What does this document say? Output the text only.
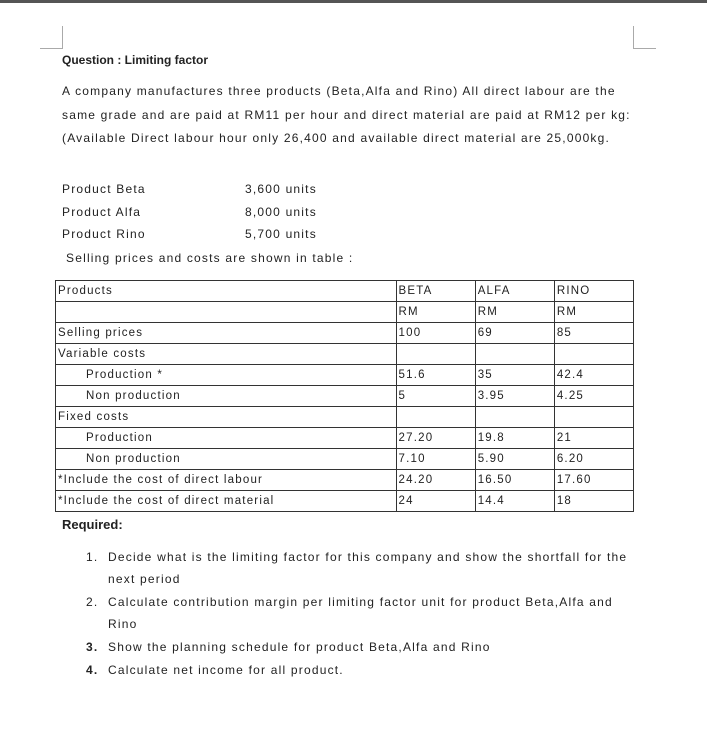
Question : Limiting factor
A company manufactures three products (Beta,Alfa and Rino) All direct labour are the same grade and are paid at RM11 per hour and direct material are paid at RM12 per kg: (Available Direct labour hour only 26,400 and available direct material are 25,000kg.
Product Beta	3,600 units
Product Alfa	8,000 units
Product Rino	5,700 units
Selling prices and costs are shown in table :
Products	BETA	ALFA	RINO
	RM	RM	RM
Selling prices	100	69	85
Variable costs			
Production *	51.6	35	42.4
Non production	5	3.95	4.25
Fixed costs			
Production	27.20	19.8	21
Non production	7.10	5.90	6.20
*Include the cost of direct labour	24.20	16.50	17.60
*Include the cost of direct material	24	14.4	18
Required:
1. Decide what is the limiting factor for this company and show the shortfall for the next period
2. Calculate contribution margin per limiting factor unit for product Beta,Alfa and Rino
3. Show the planning schedule for product Beta,Alfa and Rino
4. Calculate net income for all product.
